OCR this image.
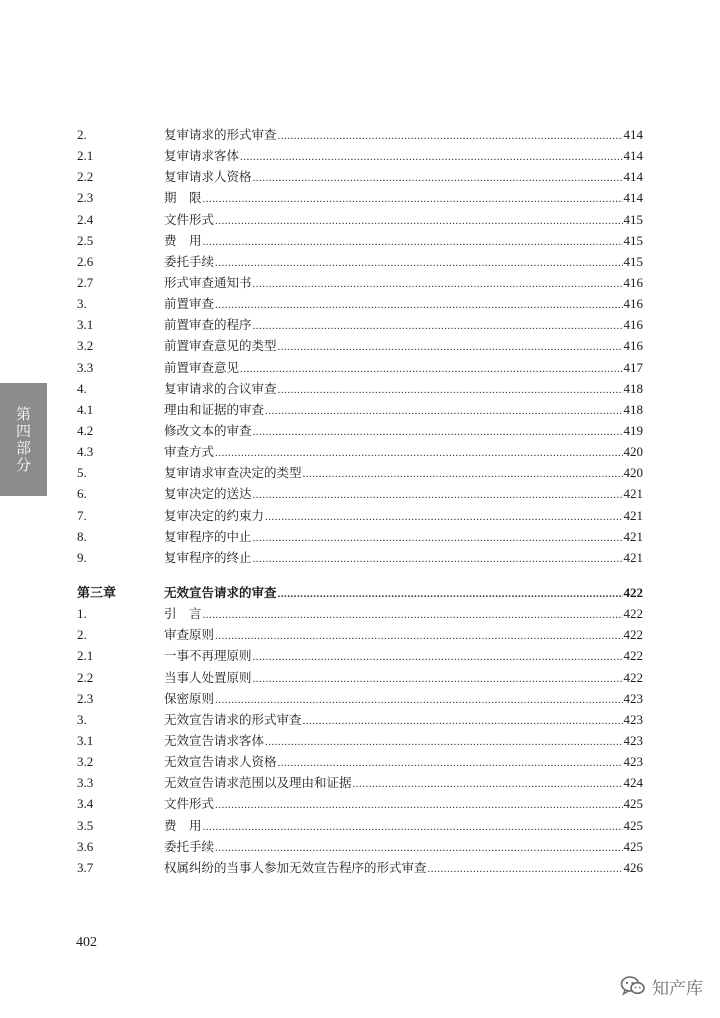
第四部分
2.	复审请求的形式审查 .....	414
2.1	复审请求客体 .....	414
2.2	复审请求人资格 .....	414
2.3	期　限 .....	414
2.4	文件形式 .....	415
2.5	费　用 .....	415
2.6	委托手续 .....	415
2.7	形式审查通知书 .....	416
3.	前置审查 .....	416
3.1	前置审查的程序 .....	416
3.2	前置审查意见的类型 .....	416
3.3	前置审查意见 .....	417
4.	复审请求的合议审查 .....	418
4.1	理由和证据的审查 .....	418
4.2	修改文本的审查 .....	419
4.3	审查方式 .....	420
5.	复审请求审查决定的类型 .....	420
6.	复审决定的送达 .....	421
7.	复审决定的约束力 .....	421
8.	复审程序的中止 .....	421
9.	复审程序的终止 .....	421
第三章	无效宣告请求的审查 .....	422
1.	引　言 .....	422
2.	审查原则 .....	422
2.1	一事不再理原则 .....	422
2.2	当事人处置原则 .....	422
2.3	保密原则 .....	423
3.	无效宣告请求的形式审查 .....	423
3.1	无效宣告请求客体 .....	423
3.2	无效宣告请求人资格 .....	423
3.3	无效宣告请求范围以及理由和证据 .....	424
3.4	文件形式 .....	425
3.5	费　用 .....	425
3.6	委托手续 .....	425
3.7	权属纠纷的当事人参加无效宣告程序的形式审查 .....	426
402
知产库
